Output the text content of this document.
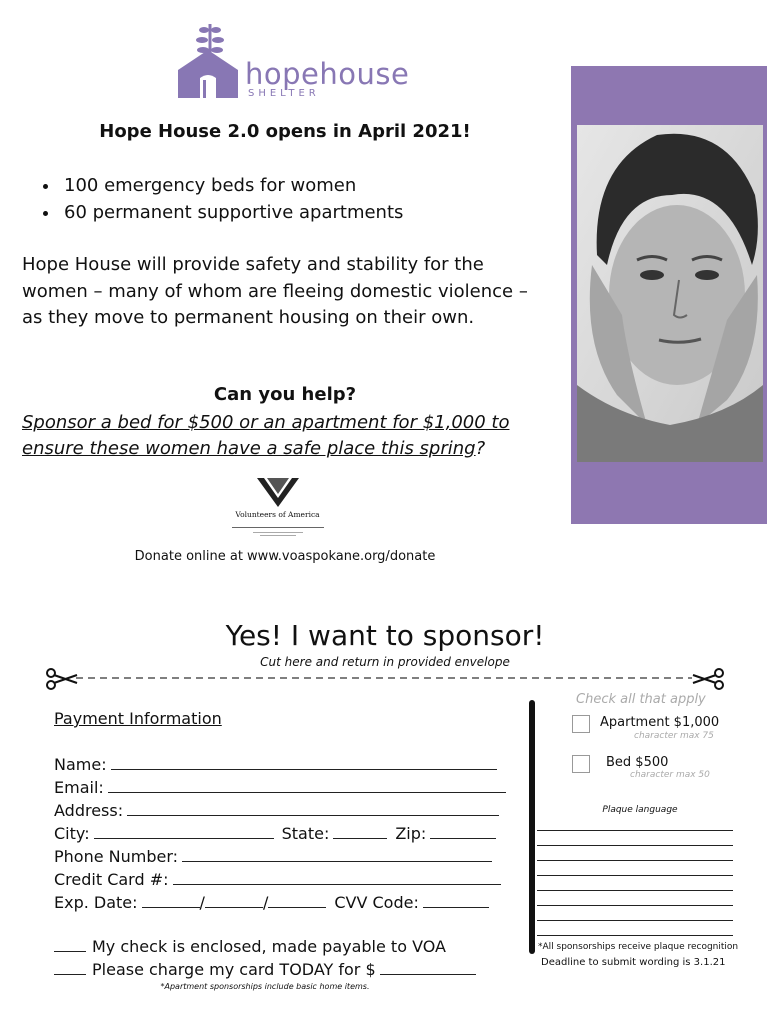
hopehouse
SHELTER
Hope House 2.0 opens in April 2021!
• 100 emergency beds for women
• 60 permanent supportive apartments
Hope House will provide safety and stability for the women – many of whom are fleeing domestic violence – as they move to permanent housing on their own.
Can you help?
Sponsor a bed for $500 or an apartment for $1,000 to ensure these women have a safe place this spring?
Volunteers of America
Donate online at www.voaspokane.org/donate
Yes! I want to sponsor!
Cut here and return in provided envelope
Payment Information
Name:
Email:
Address:
City:	State:	Zip:
Phone Number:
Credit Card #:
Exp. Date:	/	/	CVV Code:
My check is enclosed, made payable to VOA
Please charge my card TODAY for $
*Apartment sponsorships include basic home items.
Check all that apply
Apartment $1,000
character max 75
Bed $500
character max 50
Plaque language
*All sponsorships receive plaque recognition
Deadline to submit wording is 3.1.21
